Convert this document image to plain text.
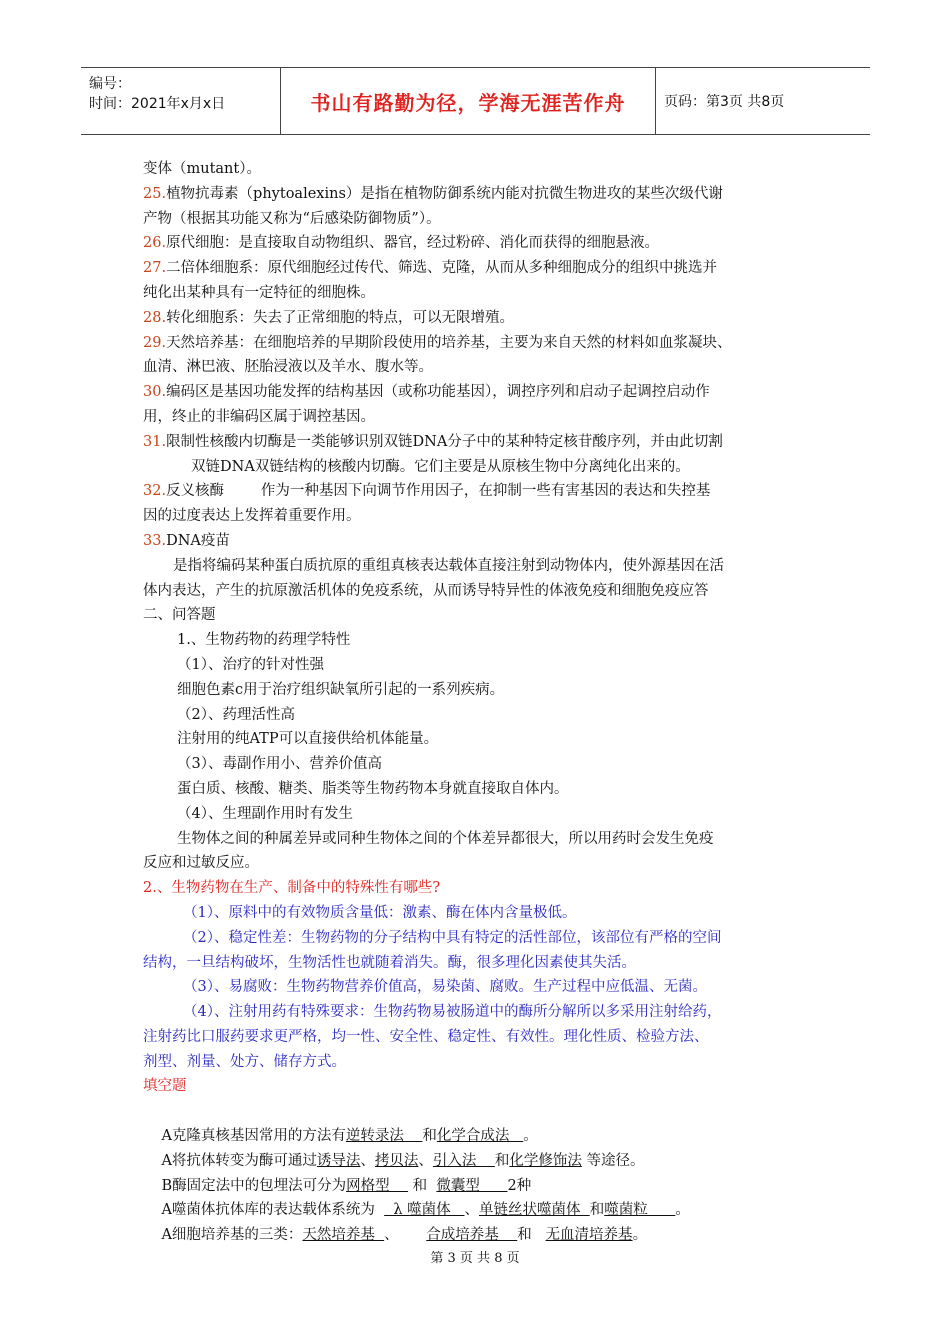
编号：
时间：2021年x月x日	书山有路勤为径，学海无涯苦作舟	页码：第3页 共8页
变体（mutant）。
25.植物抗毒素（phytoalexins）是指在植物防御系统内能对抗微生物进攻的某些次级代谢
产物（根据其功能又称为“后感染防御物质”）。
26.原代细胞：是直接取自动物组织、器官，经过粉碎、消化而获得的细胞悬液。
27.二倍体细胞系：原代细胞经过传代、筛选、克隆，从而从多种细胞成分的组织中挑选并
纯化出某种具有一定特征的细胞株。
28.转化细胞系：失去了正常细胞的特点，可以无限增殖。
29.天然培养基：在细胞培养的早期阶段使用的培养基，主要为来自天然的材料如血浆凝块、
血清、淋巴液、胚胎浸液以及羊水、腹水等。
30.编码区是基因功能发挥的结构基因（或称功能基因），调控序列和启动子起调控启动作
用，终止的非编码区属于调控基因。
31.限制性核酸内切酶是一类能够识别双链DNA分子中的某种特定核苷酸序列，并由此切割
双链DNA双链结构的核酸内切酶。它们主要是从原核生物中分离纯化出来的。
32.反义核酶        作为一种基因下向调节作用因子，在抑制一些有害基因的表达和失控基
因的过度表达上发挥着重要作用。
33.DNA疫苗
是指将编码某种蛋白质抗原的重组真核表达载体直接注射到动物体内，使外源基因在活
体内表达，产生的抗原激活机体的免疫系统，从而诱导特异性的体液免疫和细胞免疫应答
二、问答题
1.、生物药物的药理学特性
（1）、治疗的针对性强
细胞色素c用于治疗组织缺氧所引起的一系列疾病。
（2）、药理活性高
注射用的纯ATP可以直接供给机体能量。
（3）、毒副作用小、营养价值高
蛋白质、核酸、糖类、脂类等生物药物本身就直接取自体内。
（4）、生理副作用时有发生
生物体之间的种属差异或同种生物体之间的个体差异都很大，所以用药时会发生免疫
反应和过敏反应。
2.、生物药物在生产、制备中的特殊性有哪些?
（1）、原料中的有效物质含量低：激素、酶在体内含量极低。
（2）、稳定性差：生物药物的分子结构中具有特定的活性部位，该部位有严格的空间
结构，一旦结构破坏，生物活性也就随着消失。酶，很多理化因素使其失活。
（3）、易腐败：生物药物营养价值高，易染菌、腐败。生产过程中应低温、无菌。
（4）、注射用药有特殊要求：生物药物易被肠道中的酶所分解所以多采用注射给药，
注射药比口服药要求更严格，均一性、安全性、稳定性、有效性。理化性质、检验方法、
剂型、剂量、处方、储存方式。
填空题

A克隆真核基因常用的方法有逆转录法    和化学合成法   。

A将抗体转变为酶可通过诱导法、拷贝法、引入法    和化学修饰法 等途径。

B酶固定法中的包埋法可分为网格型     和  微囊型      2种

A噬菌体抗体库的表达载体系统为    λ 噬菌体   、单链丝状噬菌体  和噬菌粒      。

A细胞培养基的三类：天然培养基  、      合成培养基    和   无血清培养基。

第 3 页 共 8 页
